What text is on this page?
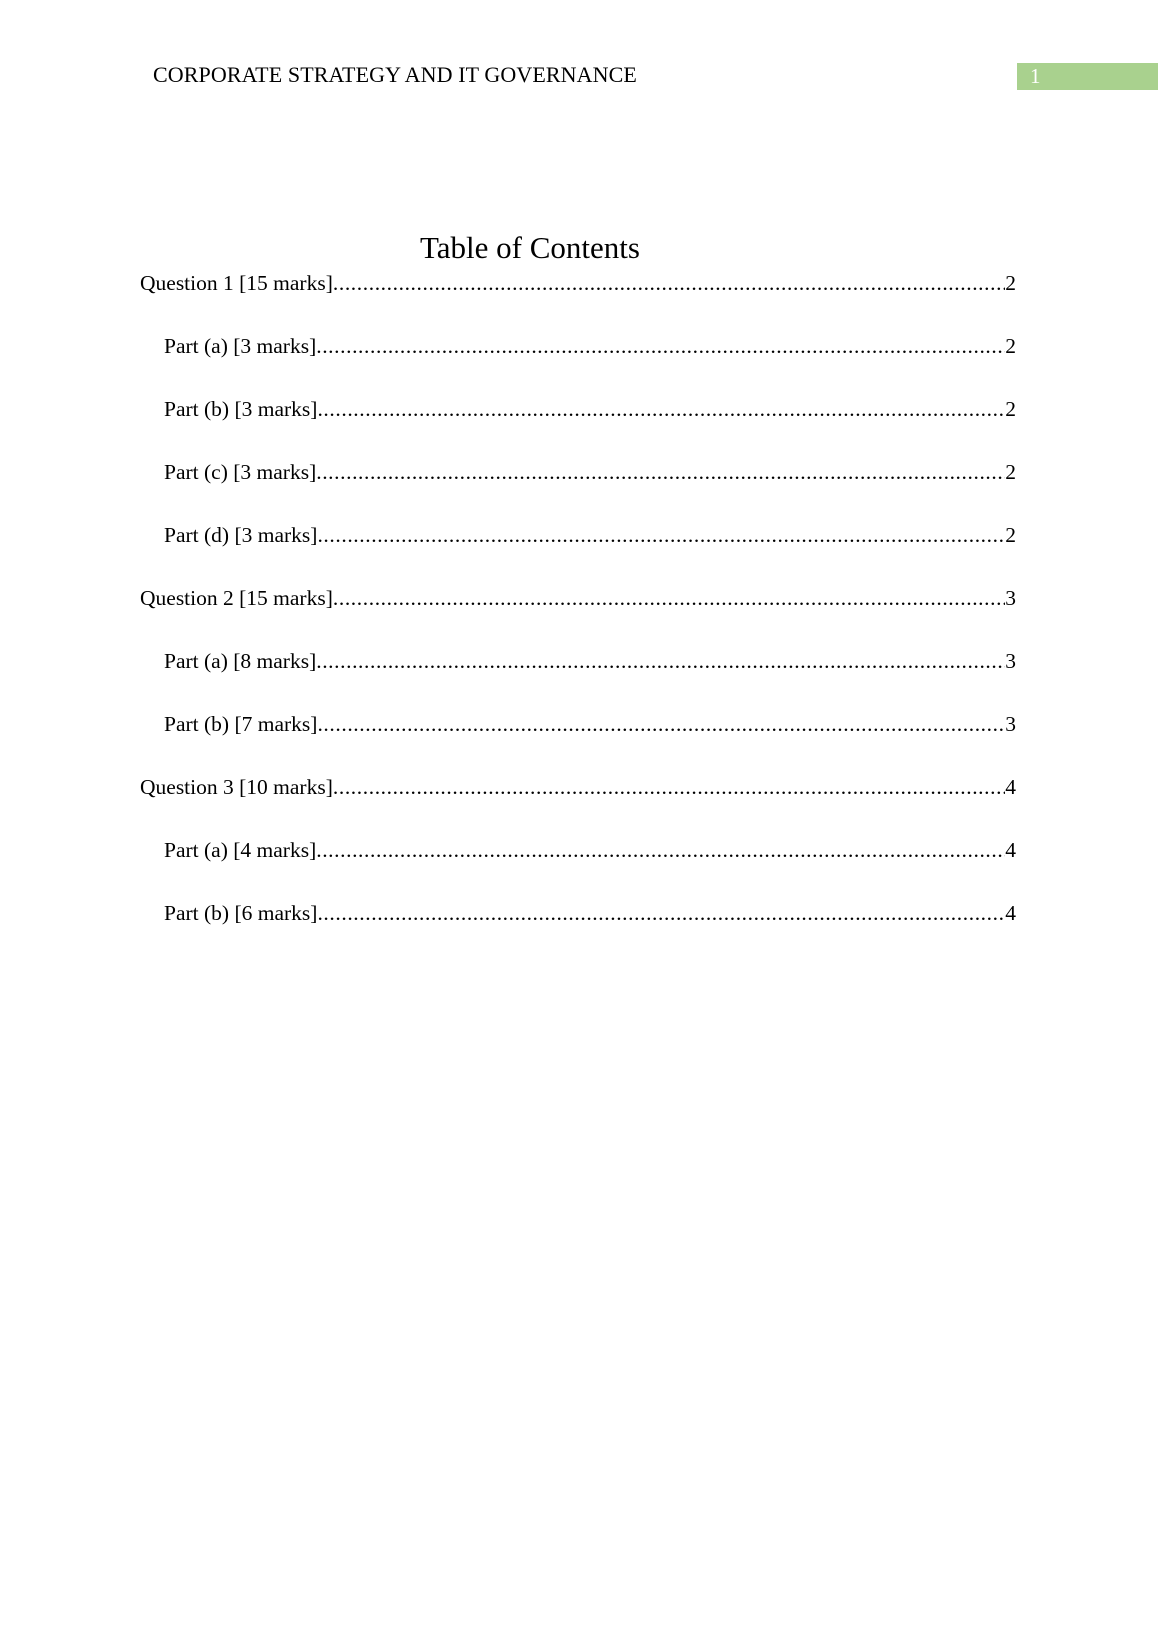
CORPORATE STRATEGY AND IT GOVERNANCE	1
Table of Contents
Question 1 [15 marks] .....	2
Part (a) [3 marks] .....	2
Part (b) [3 marks] .....	2
Part (c) [3 marks] .....	2
Part (d) [3 marks] .....	2
Question 2 [15 marks] .....	3
Part (a) [8 marks] .....	3
Part (b) [7 marks] .....	3
Question 3 [10 marks] .....	4
Part (a) [4 marks] .....	4
Part (b) [6 marks] .....	4
